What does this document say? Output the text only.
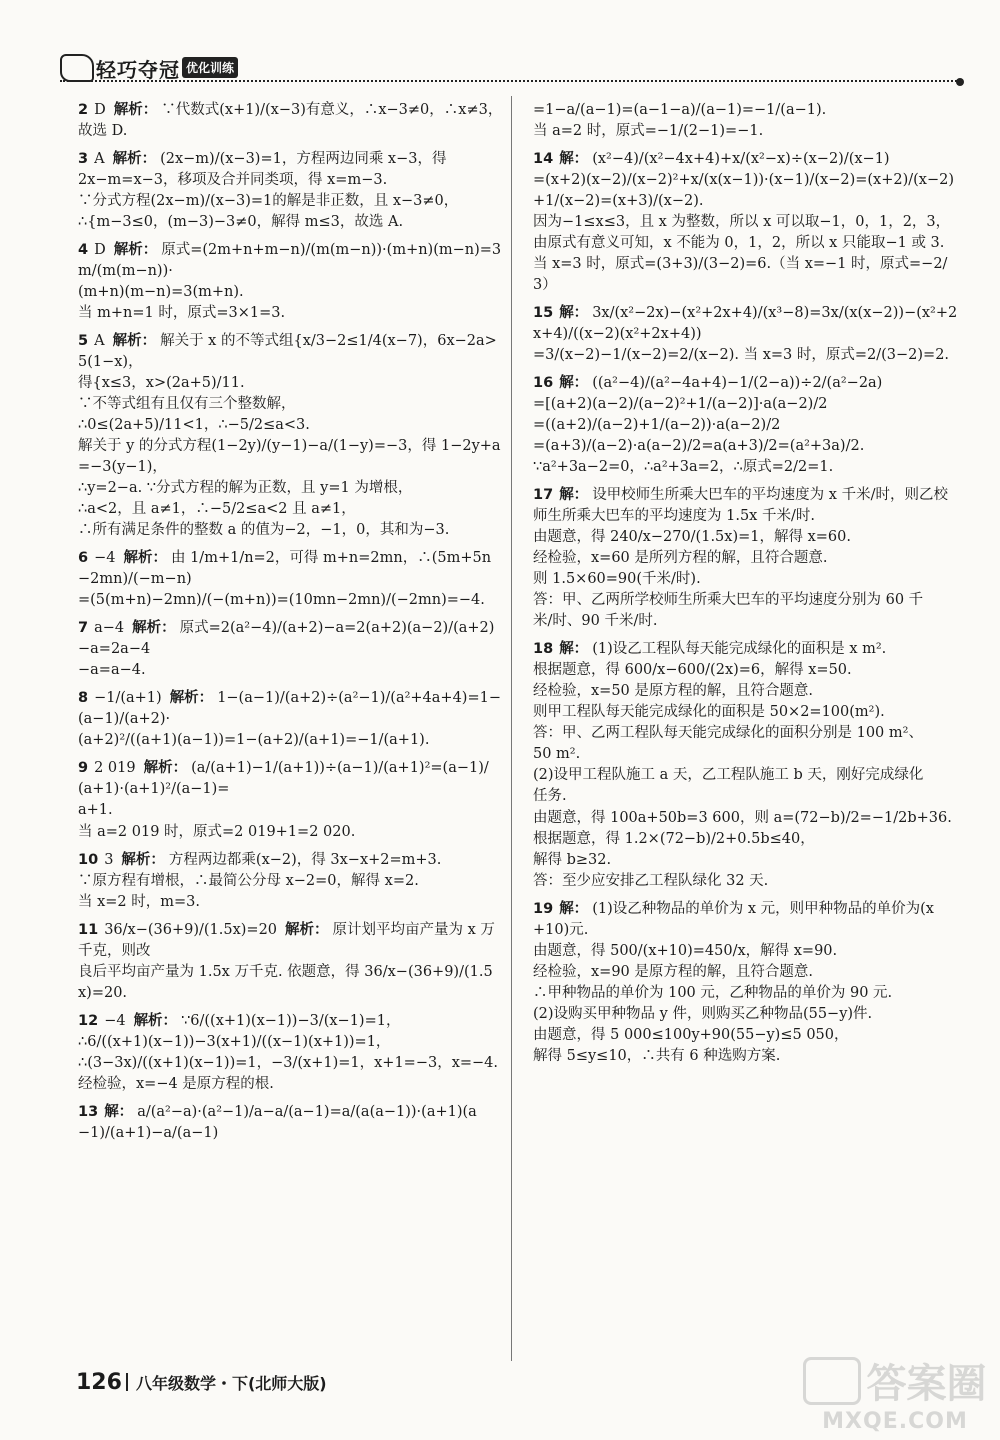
轻巧夺冠 优化训练
2 D 解析： ∵代数式(x+1)/(x−3)有意义，∴x−3≠0，∴x≠3，故选 D.
3 A 解析： (2x−m)/(x−3)=1，方程两边同乘 x−3，得
2x−m=x−3，移项及合并同类项，得 x=m−3.
∵分式方程(2x−m)/(x−3)=1的解是非正数，且 x−3≠0，
∴{m−3≤0，(m−3)−3≠0，解得 m≤3，故选 A.
4 D 解析： 原式=(2m+n+m−n)/(m(m−n))·(m+n)(m−n)=3m/(m(m−n))·
(m+n)(m−n)=3(m+n).
当 m+n=1 时，原式=3×1=3.
5 A 解析： 解关于 x 的不等式组{x/3−2≤1/4(x−7)，6x−2a>5(1−x)，
得{x≤3，x>(2a+5)/11.
∵不等式组有且仅有三个整数解，
∴0≤(2a+5)/11<1，∴−5/2≤a<3.
解关于 y 的分式方程(1−2y)/(y−1)−a/(1−y)=−3，得 1−2y+a=−3(y−1)，
∴y=2−a. ∵分式方程的解为正数，且 y=1 为增根，
∴a<2，且 a≠1，∴−5/2≤a<2 且 a≠1，
∴所有满足条件的整数 a 的值为−2，−1，0，其和为−3.
6 −4 解析： 由 1/m+1/n=2，可得 m+n=2mn，∴(5m+5n−2mn)/(−m−n)
=(5(m+n)−2mn)/(−(m+n))=(10mn−2mn)/(−2mn)=−4.
7 a−4 解析： 原式=2(a²−4)/(a+2)−a=2(a+2)(a−2)/(a+2)−a=2a−4
−a=a−4.
8 −1/(a+1) 解析： 1−(a−1)/(a+2)÷(a²−1)/(a²+4a+4)=1−(a−1)/(a+2)·
(a+2)²/((a+1)(a−1))=1−(a+2)/(a+1)=−1/(a+1).
9 2 019 解析： (a/(a+1)−1/(a+1))÷(a−1)/(a+1)²=(a−1)/(a+1)·(a+1)²/(a−1)=
a+1.
当 a=2 019 时，原式=2 019+1=2 020.
10 3 解析： 方程两边都乘(x−2)，得 3x−x+2=m+3.
∵原方程有增根，∴最简公分母 x−2=0，解得 x=2.
当 x=2 时，m=3.
11 36/x−(36+9)/(1.5x)=20 解析： 原计划平均亩产量为 x 万千克，则改
良后平均亩产量为 1.5x 万千克. 依题意，得 36/x−(36+9)/(1.5x)=20.
12 −4 解析： ∵6/((x+1)(x−1))−3/(x−1)=1，
∴6/((x+1)(x−1))−3(x+1)/((x−1)(x+1))=1，
∴(3−3x)/((x+1)(x−1))=1，−3/(x+1)=1，x+1=−3，x=−4.
经检验，x=−4 是原方程的根.
13 解： a/(a²−a)·(a²−1)/a−a/(a−1)=a/(a(a−1))·(a+1)(a−1)/(a+1)−a/(a−1)
=1−a/(a−1)=(a−1−a)/(a−1)=−1/(a−1).
当 a=2 时，原式=−1/(2−1)=−1.
14 解： (x²−4)/(x²−4x+4)+x/(x²−x)÷(x−2)/(x−1)
=(x+2)(x−2)/(x−2)²+x/(x(x−1))·(x−1)/(x−2)=(x+2)/(x−2)+1/(x−2)=(x+3)/(x−2).
因为−1≤x≤3，且 x 为整数，所以 x 可以取−1，0，1，2，3，
由原式有意义可知，x 不能为 0，1，2，所以 x 只能取−1 或 3.
当 x=3 时，原式=(3+3)/(3−2)=6.（当 x=−1 时，原式=−2/3）
15 解： 3x/(x²−2x)−(x²+2x+4)/(x³−8)=3x/(x(x−2))−(x²+2x+4)/((x−2)(x²+2x+4))
=3/(x−2)−1/(x−2)=2/(x−2). 当 x=3 时，原式=2/(3−2)=2.
16 解： ((a²−4)/(a²−4a+4)−1/(2−a))÷2/(a²−2a)
=[(a+2)(a−2)/(a−2)²+1/(a−2)]·a(a−2)/2
=((a+2)/(a−2)+1/(a−2))·a(a−2)/2
=(a+3)/(a−2)·a(a−2)/2=a(a+3)/2=(a²+3a)/2.
∵a²+3a−2=0，∴a²+3a=2，∴原式=2/2=1.
17 解： 设甲校师生所乘大巴车的平均速度为 x 千米/时，则乙校
师生所乘大巴车的平均速度为 1.5x 千米/时.
由题意，得 240/x−270/(1.5x)=1，解得 x=60.
经检验，x=60 是所列方程的解，且符合题意.
则 1.5×60=90(千米/时).
答：甲、乙两所学校师生所乘大巴车的平均速度分别为 60 千
米/时、90 千米/时.
18 解： (1)设乙工程队每天能完成绿化的面积是 x m².
根据题意，得 600/x−600/(2x)=6，解得 x=50.
经检验，x=50 是原方程的解，且符合题意.
则甲工程队每天能完成绿化的面积是 50×2=100(m²).
答：甲、乙两工程队每天能完成绿化的面积分别是 100 m²、
50 m².
(2)设甲工程队施工 a 天，乙工程队施工 b 天，刚好完成绿化
任务.
由题意，得 100a+50b=3 600，则 a=(72−b)/2=−1/2b+36.
根据题意，得 1.2×(72−b)/2+0.5b≤40，
解得 b≥32.
答：至少应安排乙工程队绿化 32 天.
19 解： (1)设乙种物品的单价为 x 元，则甲种物品的单价为(x
+10)元.
由题意，得 500/(x+10)=450/x，解得 x=90.
经检验，x=90 是原方程的解，且符合题意.
∴甲种物品的单价为 100 元，乙种物品的单价为 90 元.
(2)设购买甲种物品 y 件，则购买乙种物品(55−y)件.
由题意，得 5 000≤100y+90(55−y)≤5 050，
解得 5≤y≤10，∴共有 6 种选购方案.
126 八年级数学・下(北师大版)	答案圈
MXQE.COM
